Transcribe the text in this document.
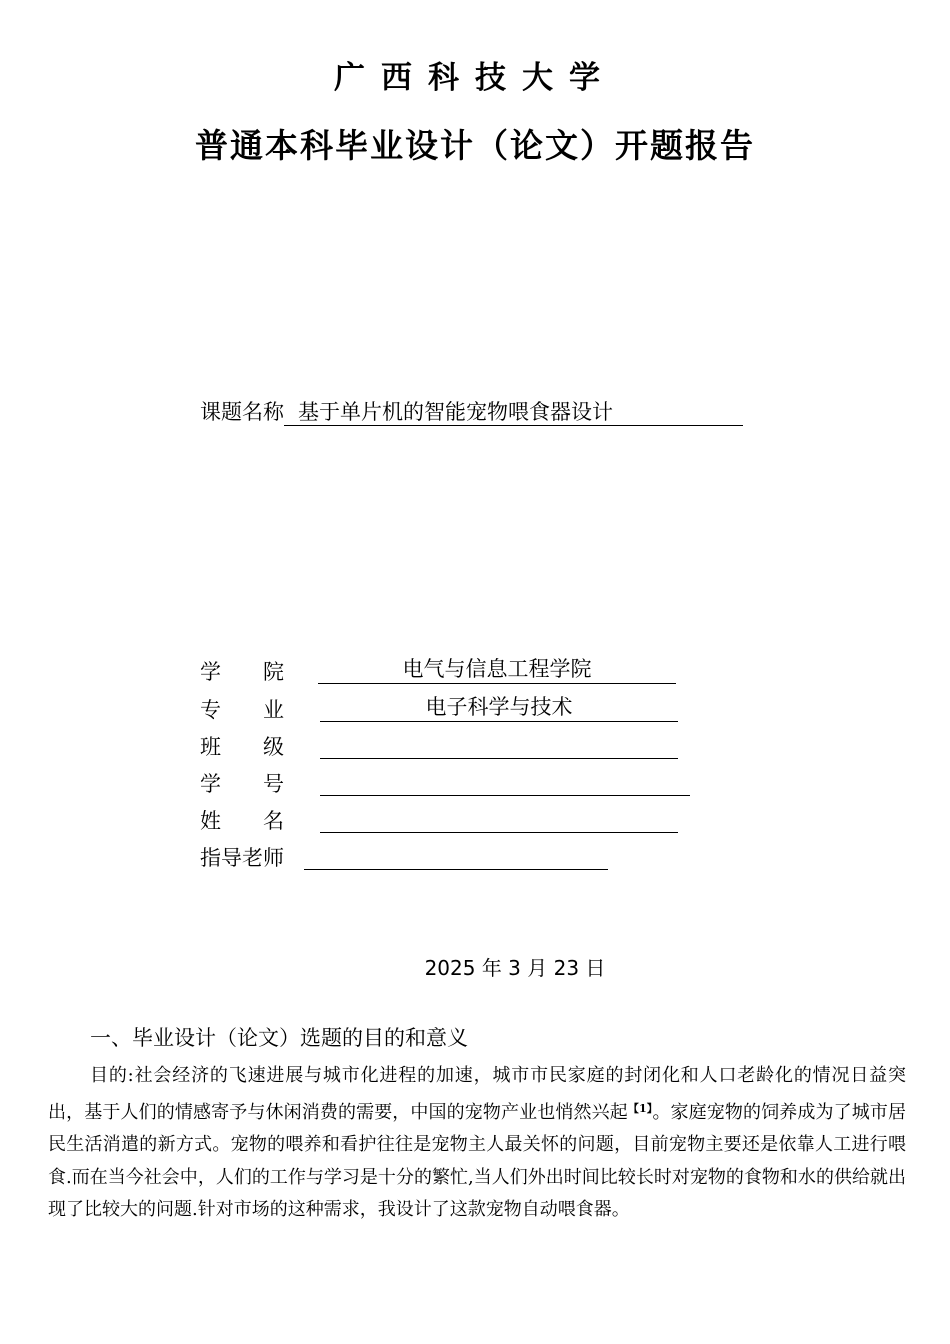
广西科技大学
普通本科毕业设计（论文）开题报告
课题名称 基于单片机的智能宠物喂食器设计
学　　院	电气与信息工程学院
专　　业	电子科学与技术
班　　级
学　　号
姓　　名
指导老师
2025 年 3 月 23 日
一、毕业设计（论文）选题的目的和意义

目的:社会经济的飞速进展与城市化进程的加速，城市市民家庭的封闭化和人口老龄化的情况日益突出，基于人们的情感寄予与休闲消费的需要，中国的宠物产业也悄然兴起$^{【1】}$。家庭宠物的饲养成为了城市居民生活消遣的新方式。宠物的喂养和看护往往是宠物主人最关怀的问题，目前宠物主要还是依靠人工进行喂食.而在当今社会中，人们的工作与学习是十分的繁忙,当人们外出时间比较长时对宠物的食物和水的供给就出现了比较大的问题.针对市场的这种需求，我设计了这款宠物自动喂食器。
